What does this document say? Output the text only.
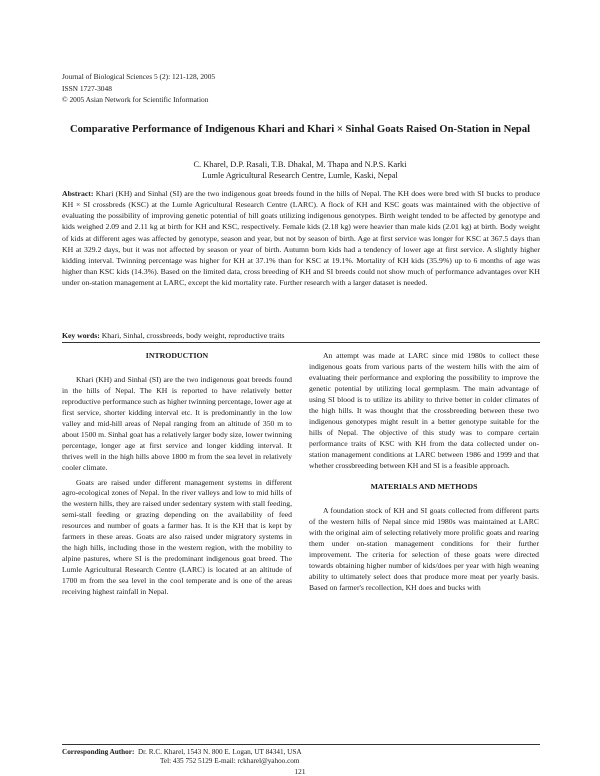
Journal of Biological Sciences 5 (2): 121-128, 2005
ISSN 1727-3048
© 2005 Asian Network for Scientific Information
Comparative Performance of Indigenous Khari and Khari × Sinhal Goats Raised On-Station in Nepal
C. Kharel, D.P. Rasali, T.B. Dhakal, M. Thapa and N.P.S. Karki
Lumle Agricultural Research Centre, Lumle, Kaski, Nepal
Abstract: Khari (KH) and Sinhal (SI) are the two indigenous goat breeds found in the hills of Nepal. The KH does were bred with SI bucks to produce KH × SI crossbreds (KSC) at the Lumle Agricultural Research Centre (LARC). A flock of KH and KSC goats was maintained with the objective of evaluating the possibility of improving genetic potential of hill goats utilizing indigenous genotypes. Birth weight tended to be affected by genotype and kids weighed 2.09 and 2.11 kg at birth for KH and KSC, respectively. Female kids (2.18 kg) were heavier than male kids (2.01 kg) at birth. Body weight of kids at different ages was affected by genotype, season and year, but not by season of birth. Age at first service was longer for KSC at 367.5 days than KH at 329.2 days, but it was not affected by season or year of birth. Autumn born kids had a tendency of lower age at first service. A slightly higher kidding interval. Twinning percentage was higher for KH at 37.1% than for KSC at 19.1%. Mortality of KH kids (35.9%) up to 6 months of age was higher than KSC kids (14.3%). Based on the limited data, cross breeding of KH and SI breeds could not show much of performance advantages over KH under on-station management at LARC, except the kid mortality rate. Further research with a larger dataset is needed.
Key words: Khari, Sinhal, crossbreeds, body weight, reproductive traits
INTRODUCTION

Khari (KH) and Sinhal (SI) are the two indigenous goat breeds found in the hills of Nepal. The KH is reported to have relatively better reproductive performance such as higher twinning percentage, lower age at first service, shorter kidding interval etc. It is predominantly in the low valley and mid-hill areas of Nepal ranging from an altitude of 350 m to about 1500 m. Sinhal goat has a relatively larger body size, lower twinning percentage, longer age at first service and longer kidding interval. It thrives well in the high hills above 1800 m from the sea level in relatively cooler climate.

Goats are raised under different management systems in different agro-ecological zones of Nepal. In the river valleys and low to mid hills of the western hills, they are raised under sedentary system with stall feeding, semi-stall feeding or grazing depending on the availability of feed resources and number of goats a farmer has. It is the KH that is kept by farmers in these areas. Goats are also raised under migratory systems in the high hills, including those in the western region, with the mobility to alpine pastures, where SI is the predominant indigenous goat breed. The Lumle Agricultural Research Centre (LARC) is located at an altitude of 1700 m from the sea level in the cool temperate and is one of the areas receiving highest rainfall in Nepal.

An attempt was made at LARC since mid 1980s to collect these indigenous goats from various parts of the western hills with the aim of evaluating their performance and exploring the possibility to improve the genetic potential by utilizing local germplasm. The main advantage of using SI blood is to utilize its ability to thrive better in colder climates of the high hills. It was thought that the crossbreeding between these two indigenous genotypes might result in a better genotype suitable for the hills of Nepal. The objective of this study was to compare certain performance traits of KSC with KH from the data collected under on-station management conditions at LARC between 1986 and 1999 and that whether crossbreeding between KH and SI is a feasible approach.

MATERIALS AND METHODS

A foundation stock of KH and SI goats collected from different parts of the western hills of Nepal since mid 1980s was maintained at LARC with the original aim of selecting relatively more prolific goats and rearing them under on-station management conditions for their further improvement. The criteria for selection of these goats were directed towards obtaining higher number of kids/does per year with high weaning ability to ultimately select does that produce more meat per yearly basis. Based on farmer's recollection, KH does and bucks with

Corresponding Author: Dr. R.C. Kharel, 1543 N. 800 E. Logan, UT 84341, USA
Tel: 435 752 5129 E-mail: rckharel@yahoo.com
121
